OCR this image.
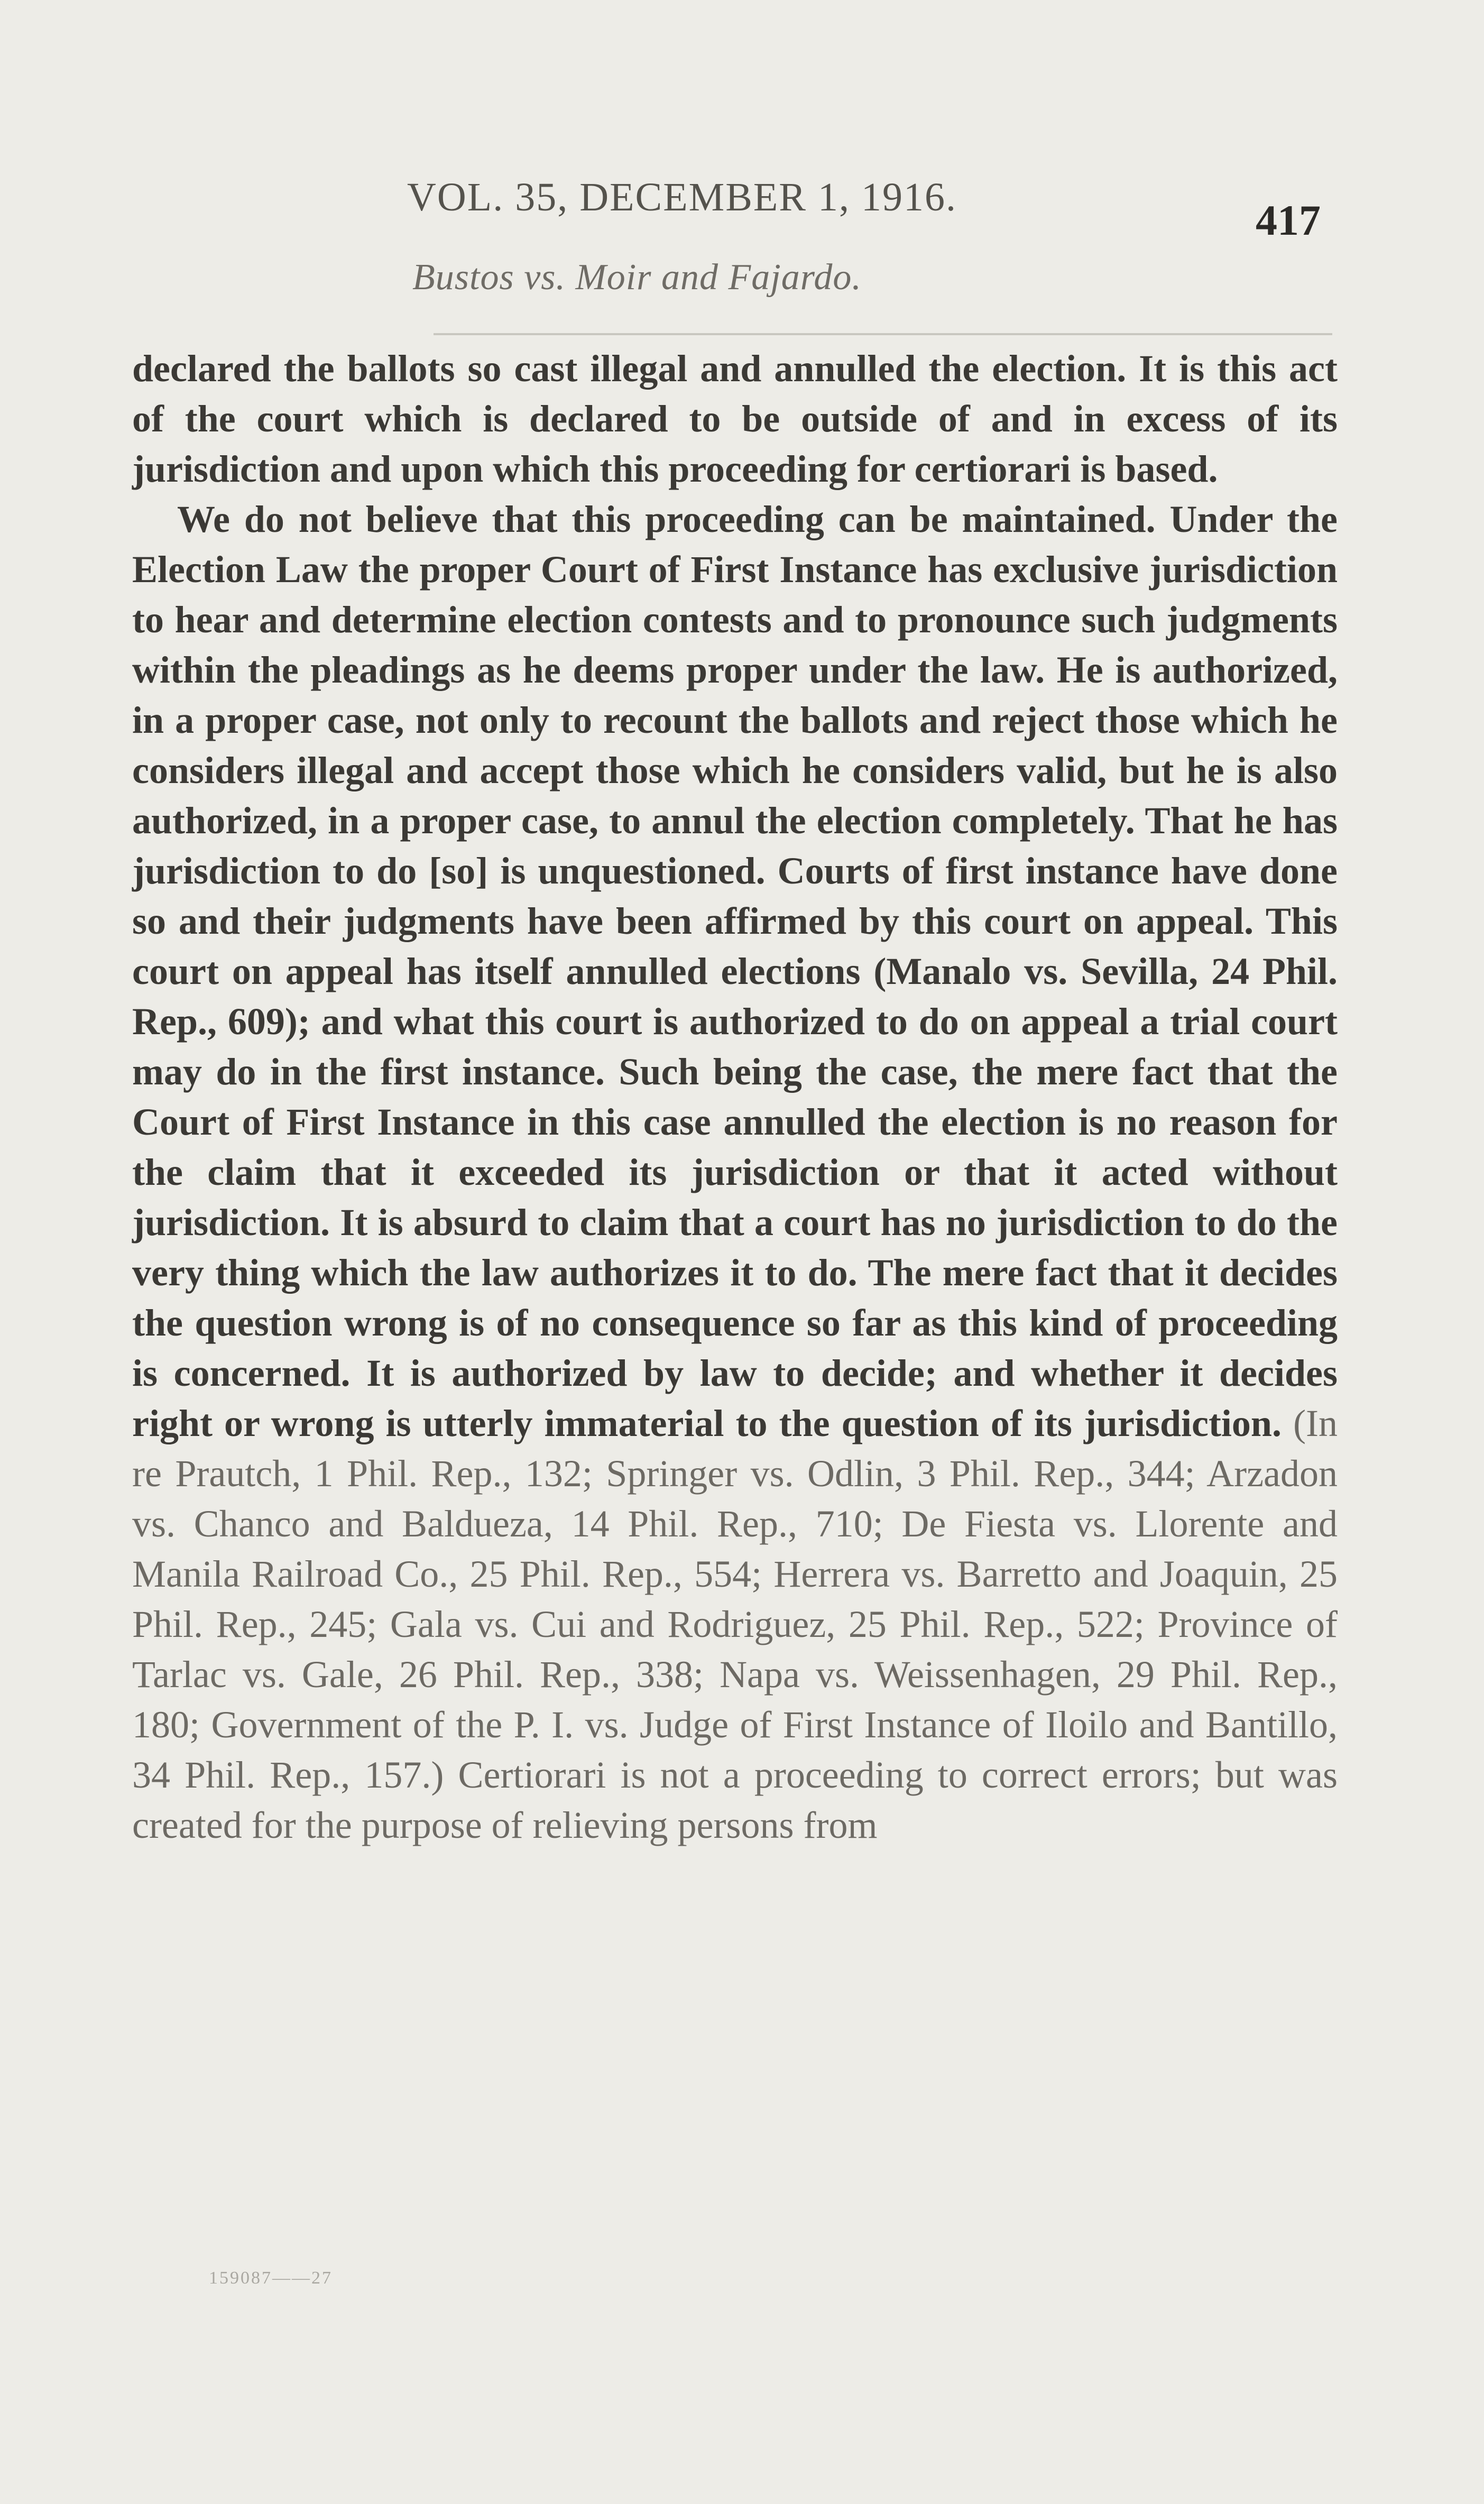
VOL. 35, DECEMBER 1, 1916.	417
Bustos vs. Moir and Fajardo.

declared the ballots so cast illegal and annulled the election. It is this act of the court which is declared to be outside of and in excess of its jurisdiction and upon which this proceeding for certiorari is based.

We do not believe that this proceeding can be maintained. Under the Election Law the proper Court of First Instance has exclusive jurisdiction to hear and determine election contests and to pronounce such judgments within the pleadings as he deems proper under the law. He is authorized, in a proper case, not only to recount the ballots and reject those which he considers illegal and accept those which he considers valid, but he is also authorized, in a proper case, to annul the election completely. That he has jurisdiction to do [so] is unquestioned. Courts of first instance have done so and their judgments have been affirmed by this court on appeal. This court on appeal has itself annulled elections (Manalo vs. Sevilla, 24 Phil. Rep., 609); and what this court is authorized to do on appeal a trial court may do in the first instance. Such being the case, the mere fact that the Court of First Instance in this case annulled the election is no reason for the claim that it exceeded its jurisdiction or that it acted without jurisdiction. It is absurd to claim that a court has no jurisdiction to do the very thing which the law authorizes it to do. The mere fact that it decides the question wrong is of no consequence so far as this kind of proceeding is concerned. It is authorized by law to decide; and whether it decides right or wrong is utterly immaterial to the question of its jurisdiction. (In re Prautch, 1 Phil. Rep., 132; Springer vs. Odlin, 3 Phil. Rep., 344; Arzadon vs. Chanco and Baldueza, 14 Phil. Rep., 710; De Fiesta vs. Llorente and Manila Railroad Co., 25 Phil. Rep., 554; Herrera vs. Barretto and Joaquin, 25 Phil. Rep., 245; Gala vs. Cui and Rodriguez, 25 Phil. Rep., 522; Province of Tarlac vs. Gale, 26 Phil. Rep., 338; Napa vs. Weissenhagen, 29 Phil. Rep., 180; Government of the P. I. vs. Judge of First Instance of Iloilo and Bantillo, 34 Phil. Rep., 157.) Certiorari is not a proceeding to correct errors; but was created for the purpose of relieving persons from

159087——27
